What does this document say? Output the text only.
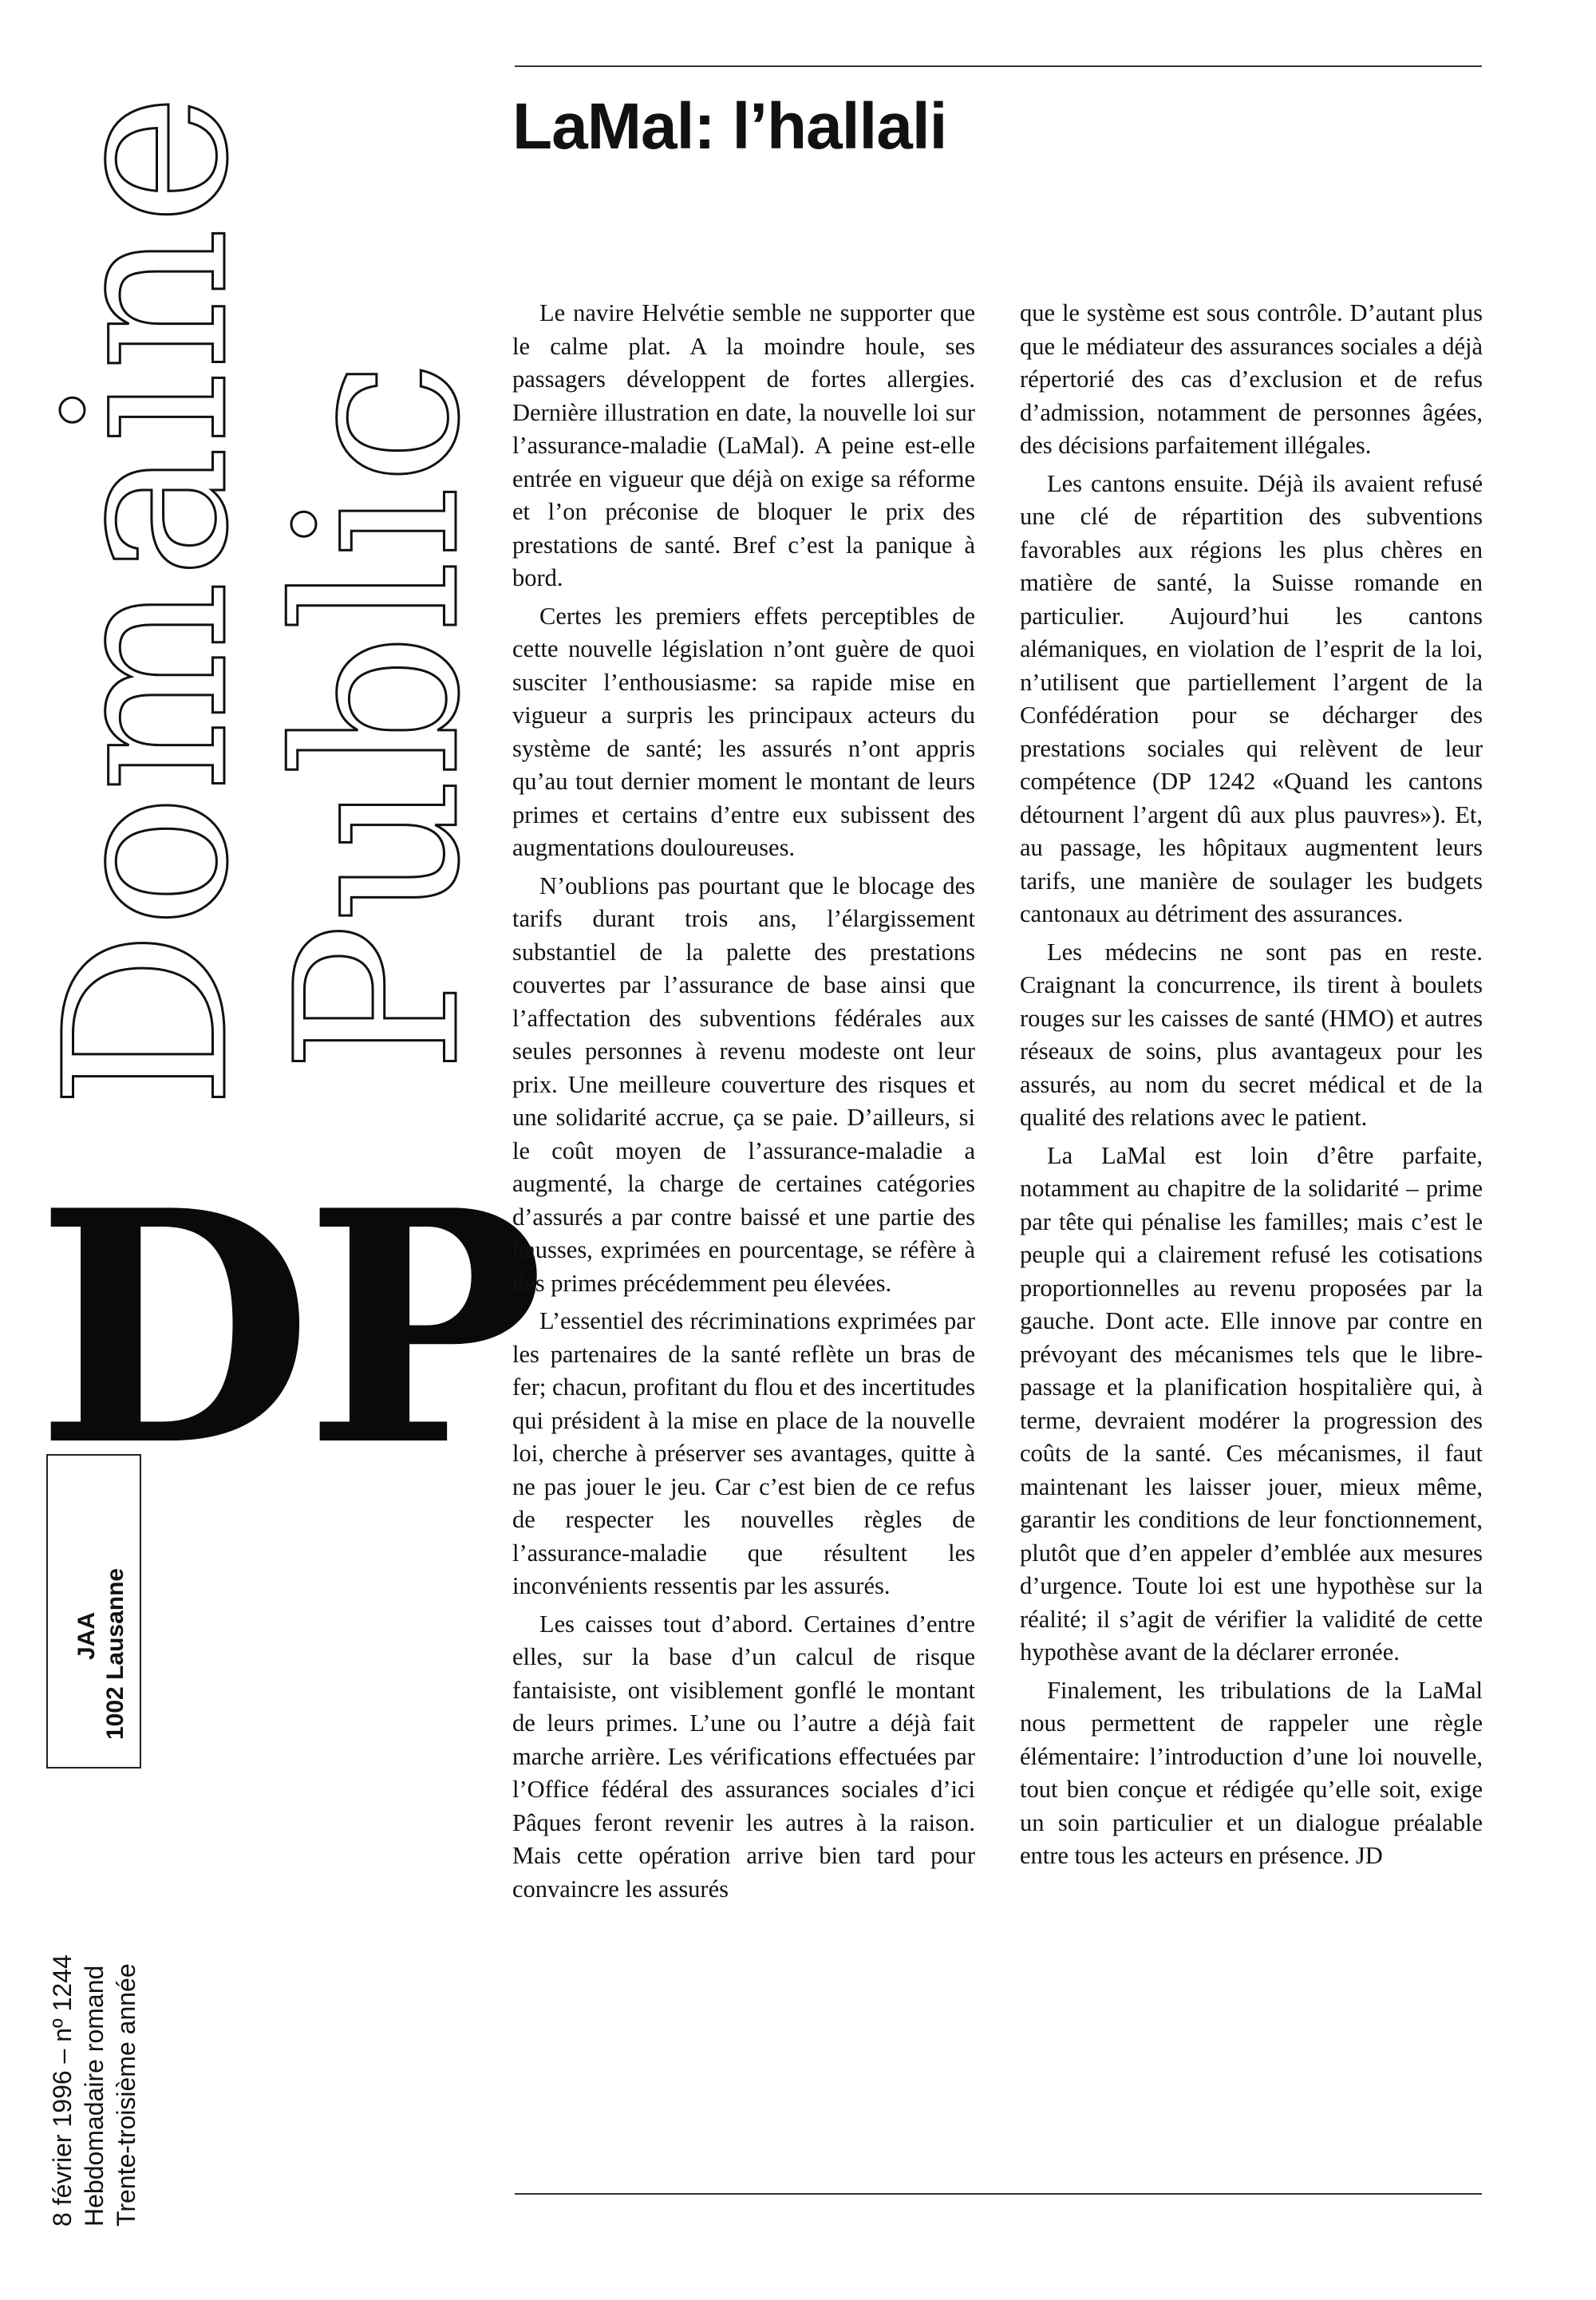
Domaine
Public
DP
JAA 1002 Lausanne
8 février 1996 – nº 1244 Hebdomadaire romand Trente-troisième année
LaMal: l’hallali

Le navire Helvétie semble ne supporter que le calme plat. A la moindre houle, ses passagers développent de fortes allergies. Dernière illustration en date, la nouvelle loi sur l’assurance-maladie (LaMal). A peine est-elle entrée en vigueur que déjà on exige sa réforme et l’on préconise de bloquer le prix des prestations de santé. Bref c’est la panique à bord.

Certes les premiers effets perceptibles de cette nouvelle législation n’ont guère de quoi susciter l’enthousiasme: sa rapide mise en vigueur a surpris les principaux acteurs du système de santé; les assurés n’ont appris qu’au tout dernier moment le montant de leurs primes et certains d’entre eux subissent des augmentations douloureuses.

N’oublions pas pourtant que le blocage des tarifs durant trois ans, l’élargissement substantiel de la palette des prestations couvertes par l’assurance de base ainsi que l’affectation des subventions fédérales aux seules personnes à revenu modeste ont leur prix. Une meilleure couverture des risques et une solidarité accrue, ça se paie. D’ailleurs, si le coût moyen de l’assurance-maladie a augmenté, la charge de certaines catégories d’assurés a par contre baissé et une partie des hausses, exprimées en pourcentage, se réfère à des primes précédemment peu élevées.

L’essentiel des récriminations exprimées par les partenaires de la santé reflète un bras de fer; chacun, profitant du flou et des incertitudes qui président à la mise en place de la nouvelle loi, cherche à préserver ses avantages, quitte à ne pas jouer le jeu. Car c’est bien de ce refus de respecter les nouvelles règles de l’assurance-maladie que résultent les inconvénients ressentis par les assurés.

Les caisses tout d’abord. Certaines d’entre elles, sur la base d’un calcul de risque fantaisiste, ont visiblement gonflé le montant de leurs primes. L’une ou l’autre a déjà fait marche arrière. Les vérifications effectuées par l’Office fédéral des assurances sociales d’ici Pâques feront revenir les autres à la raison. Mais cette opération arrive bien tard pour convaincre les assurés

que le système est sous contrôle. D’autant plus que le médiateur des assurances sociales a déjà répertorié des cas d’exclusion et de refus d’admission, notamment de personnes âgées, des décisions parfaitement illégales.

Les cantons ensuite. Déjà ils avaient refusé une clé de répartition des subventions favorables aux régions les plus chères en matière de santé, la Suisse romande en particulier. Aujourd’hui les cantons alémaniques, en violation de l’esprit de la loi, n’utilisent que partiellement l’argent de la Confédération pour se décharger des prestations sociales qui relèvent de leur compétence (DP 1242 «Quand les cantons détournent l’argent dû aux plus pauvres»). Et, au passage, les hôpitaux augmentent leurs tarifs, une manière de soulager les budgets cantonaux au détriment des assurances.

Les médecins ne sont pas en reste. Craignant la concurrence, ils tirent à boulets rouges sur les caisses de santé (HMO) et autres réseaux de soins, plus avantageux pour les assurés, au nom du secret médical et de la qualité des relations avec le patient.

La LaMal est loin d’être parfaite, notamment au chapitre de la solidarité – prime par tête qui pénalise les familles; mais c’est le peuple qui a clairement refusé les cotisations proportionnelles au revenu proposées par la gauche. Dont acte. Elle innove par contre en prévoyant des mécanismes tels que le libre-passage et la planification hospitalière qui, à terme, devraient modérer la progression des coûts de la santé. Ces mécanismes, il faut maintenant les laisser jouer, mieux même, garantir les conditions de leur fonctionnement, plutôt que d’en appeler d’emblée aux mesures d’urgence. Toute loi est une hypothèse sur la réalité; il s’agit de vérifier la validité de cette hypothèse avant de la déclarer erronée.

Finalement, les tribulations de la LaMal nous permettent de rappeler une règle élémentaire: l’introduction d’une loi nouvelle, tout bien conçue et rédigée qu’elle soit, exige un soin particulier et un dialogue préalable entre tous les acteurs en présence. JD
